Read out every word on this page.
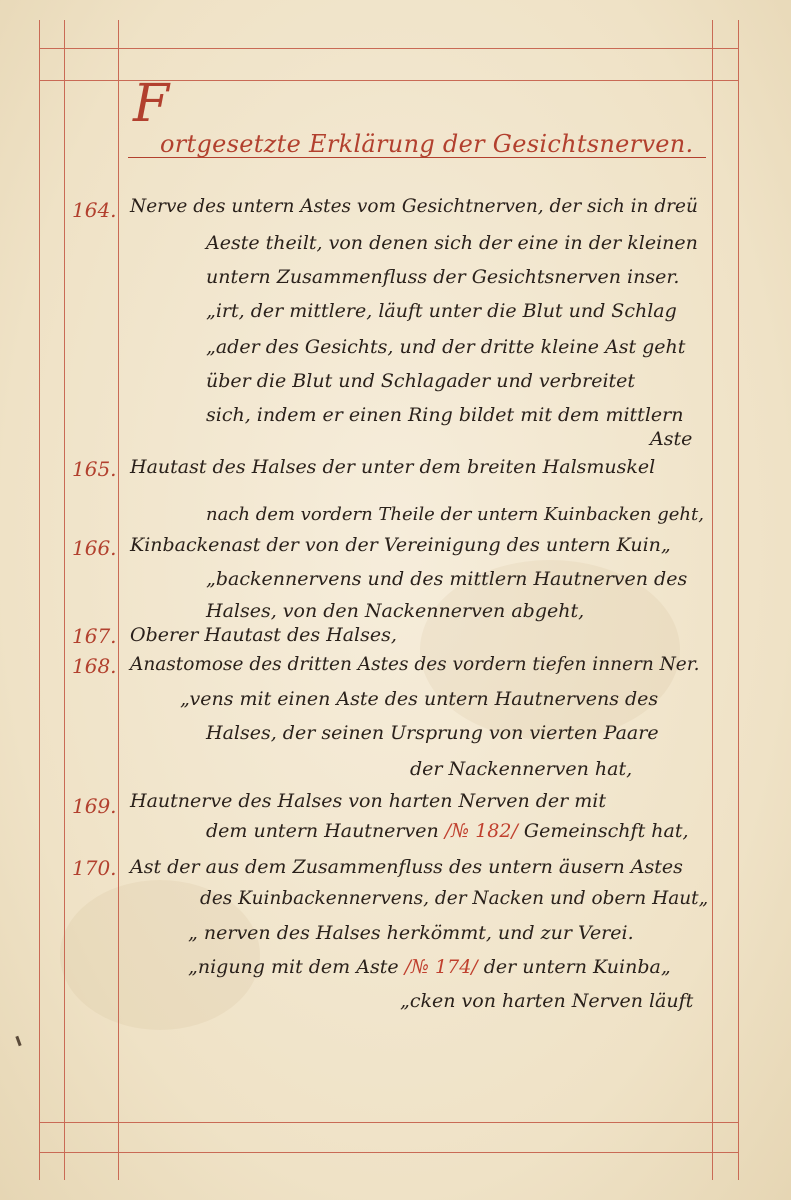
F
ortgesetzte Erklärung der Gesichtsnerven.
164. Nerve des untern Astes vom Gesichtnerven, der sich in dreü
Aeste theilt, von denen sich der eine in der kleinen
untern Zusammenfluss der Gesichtsnerven inser.
„irt, der mittlere, läuft unter die Blut und Schlag
„ader des Gesichts, und der dritte kleine Ast geht
über die Blut und Schlagader und verbreitet
sich, indem er einen Ring bildet mit dem mittlern
Aste
165. Hautast des Halses der unter dem breiten Halsmuskel
nach dem vordern Theile der untern Kuinbacken geht,
166. Kinbackenast der von der Vereinigung des untern Kuin„
„backennervens und des mittlern Hautnerven des
Halses, von den Nackennerven abgeht,
167. Oberer Hautast des Halses,
168. Anastomose des dritten Astes des vordern tiefen innern Ner.
„vens mit einen Aste des untern Hautnervens des
Halses, der seinen Ursprung von vierten Paare
der Nackennerven hat,
169. Hautnerve des Halses von harten Nerven der mit
dem untern Hautnerven /№ 182/ Gemeinschft hat,
170. Ast der aus dem Zusammenfluss des untern äusern Astes
des Kuinbackennervens, der Nacken und obern Haut„
„ nerven des Halses herkömmt, und zur Verei.
„nigung mit dem Aste /№ 174/ der untern Kuinba„
„cken von harten Nerven läuft
